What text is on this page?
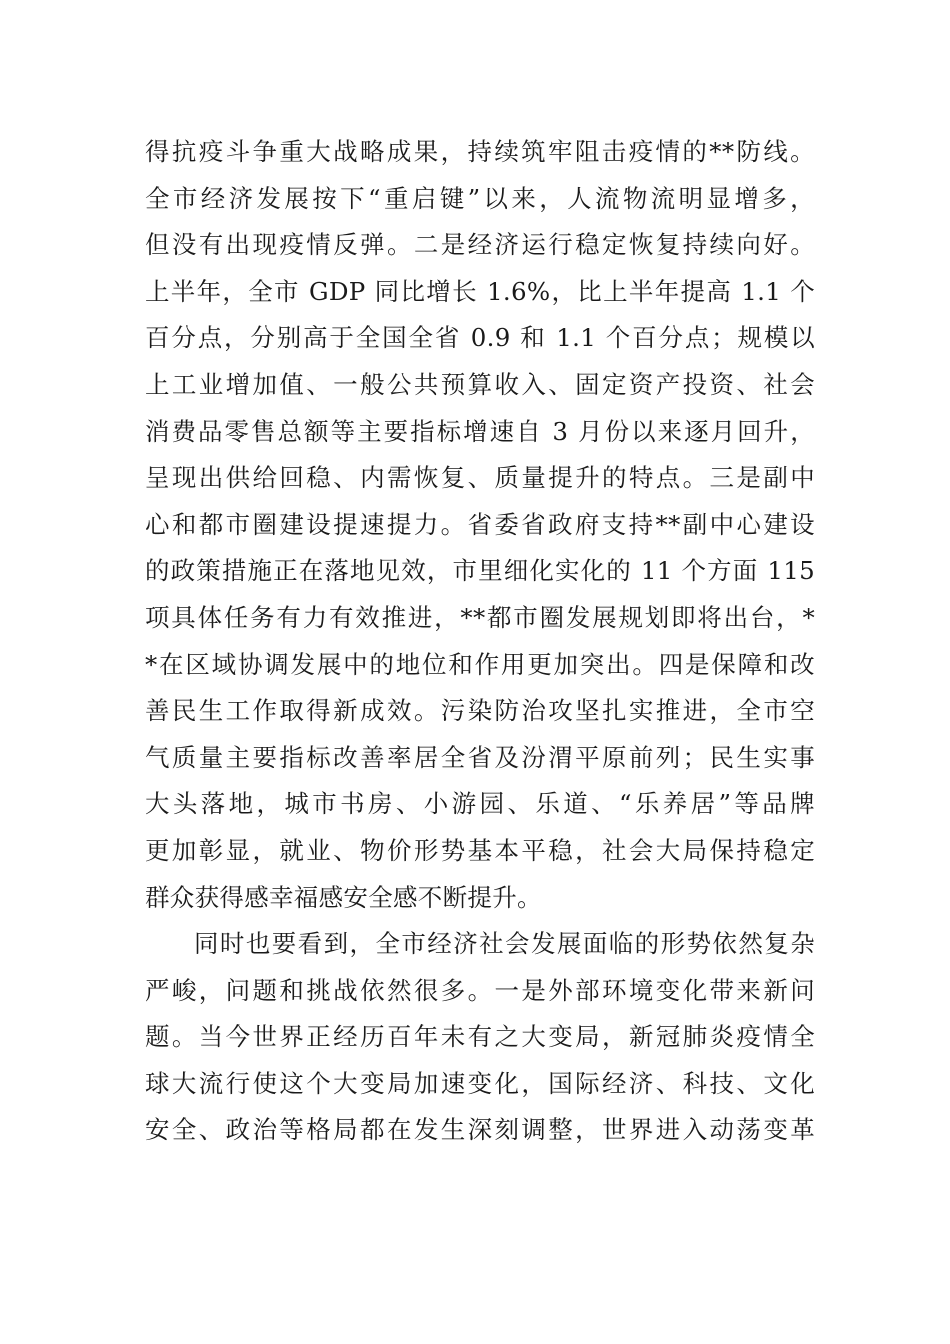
得抗疫斗争重大战略成果，持续筑牢阻击疫情的**防线。
全市经济发展按下“重启键”以来，人流物流明显增多，
但没有出现疫情反弹。二是经济运行稳定恢复持续向好。
上半年，全市 GDP 同比增长 1.6%，比上半年提高 1.1 个
百分点，分别高于全国全省 0.9 和 1.1 个百分点；规模以
上工业增加值、一般公共预算收入、固定资产投资、社会
消费品零售总额等主要指标增速自 3 月份以来逐月回升，
呈现出供给回稳、内需恢复、质量提升的特点。三是副中
心和都市圈建设提速提力。省委省政府支持**副中心建设
的政策措施正在落地见效，市里细化实化的 11 个方面 115
项具体任务有力有效推进，**都市圈发展规划即将出台，*
*在区域协调发展中的地位和作用更加突出。四是保障和改
善民生工作取得新成效。污染防治攻坚扎实推进，全市空
气质量主要指标改善率居全省及汾渭平原前列；民生实事
大头落地，城市书房、小游园、乐道、“乐养居”等品牌
更加彰显，就业、物价形势基本平稳，社会大局保持稳定
群众获得感幸福感安全感不断提升。
同时也要看到，全市经济社会发展面临的形势依然复杂
严峻，问题和挑战依然很多。一是外部环境变化带来新问
题。当今世界正经历百年未有之大变局，新冠肺炎疫情全
球大流行使这个大变局加速变化，国际经济、科技、文化
安全、政治等格局都在发生深刻调整，世界进入动荡变革
